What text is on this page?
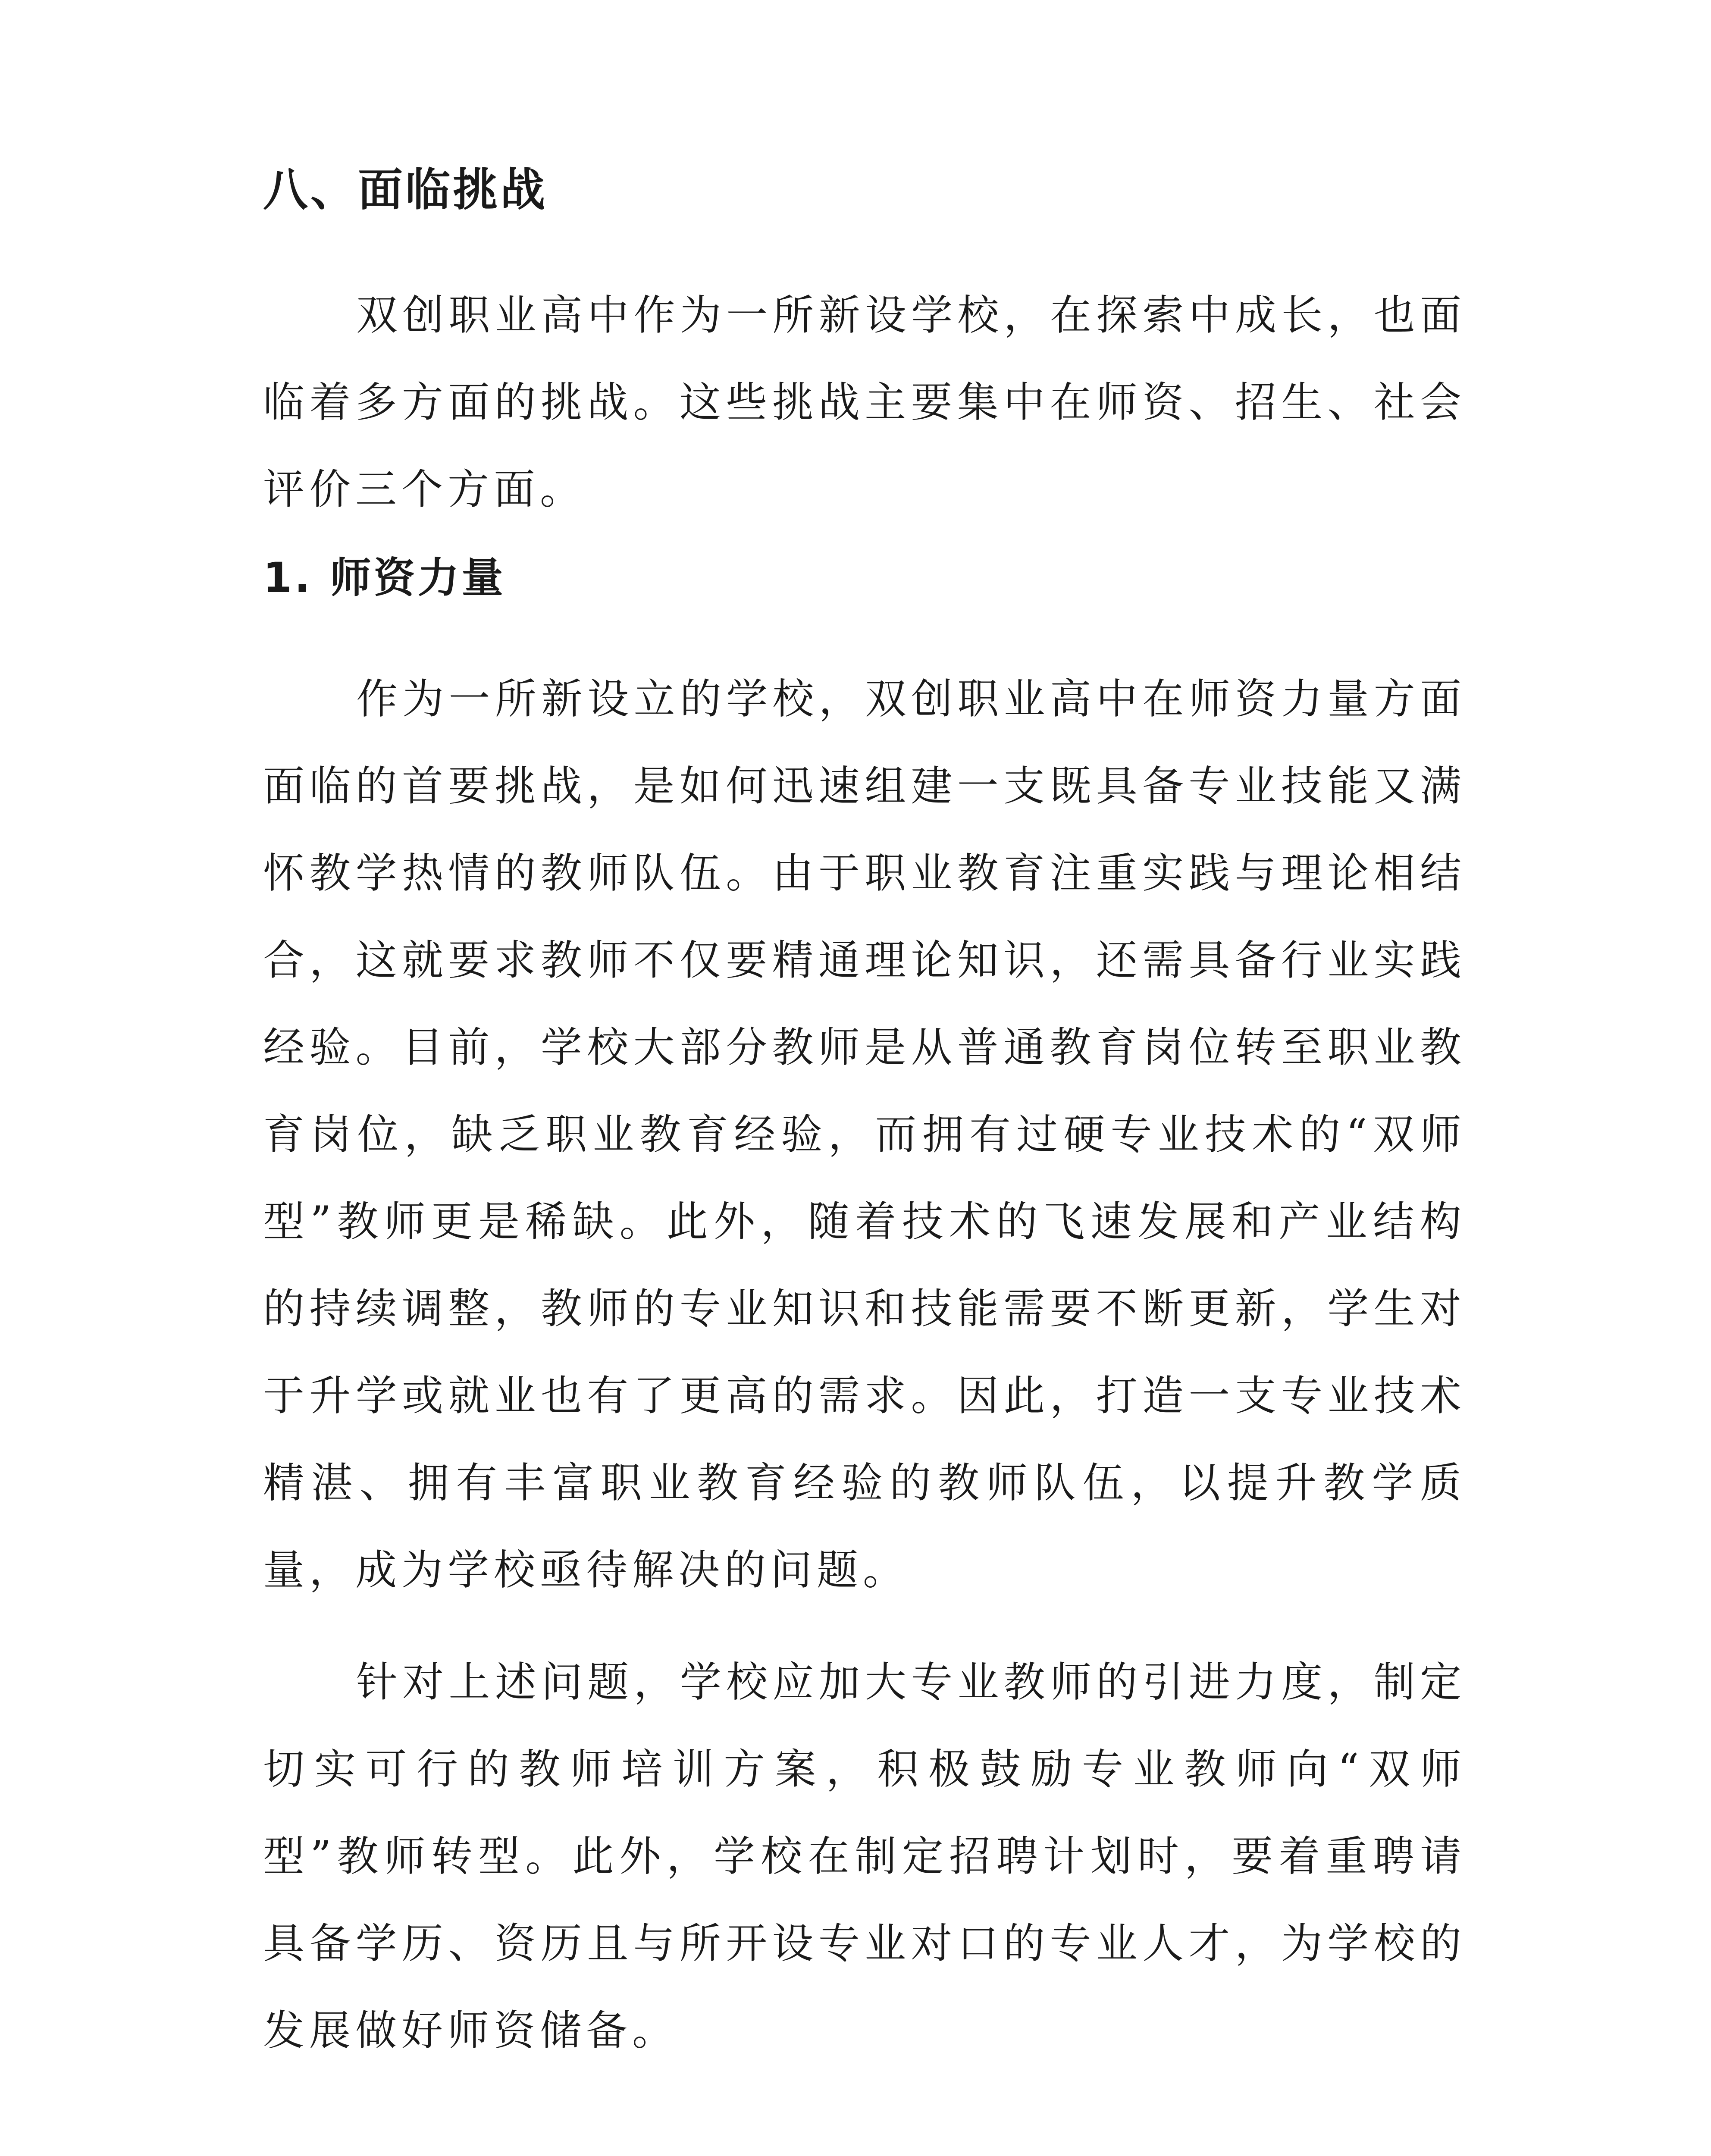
八、面临挑战

双创职业高中作为一所新设学校，在探索中成长，也面 临着多方面的挑战。这些挑战主要集中在师资、招生、社会评价三个方面。

1. 师资力量

作为一所新设立的学校，双创职业高中在师资力量方面面临的首要挑战，是如何迅速组建一支既具备专业技能又满怀教学热情的教师队伍。由于职业教育注重实践与理论相结合，这就要求教师不仅要精通理论知识，还需具备行业实践经验。目前，学校大部分教师是从普通教育岗位转至职业教育岗位，缺乏职业教育经验，而拥有过硬专业技术的“双师型”教师更是稀缺。此外，随着技术的飞速发展和产业结构的持续调整，教师的专业知识和技能需要不断更新，学生对于升学或就业也有了更高的需求。因此，打造一支专业技术精湛、拥有丰富职业教育经验的教师队伍，以提升教学质量，成为学校亟待解决的问题。

针对上述问题，学校应加大专业教师的引进力度，制定切实可行的教师培训方案，积极鼓励专业教师向“双师型”教师转型。此外，学校在制定招聘计划时，要着重聘请具备学历、资历且与所开设专业对口的专业人才，为学校的发展做好师资储备。
